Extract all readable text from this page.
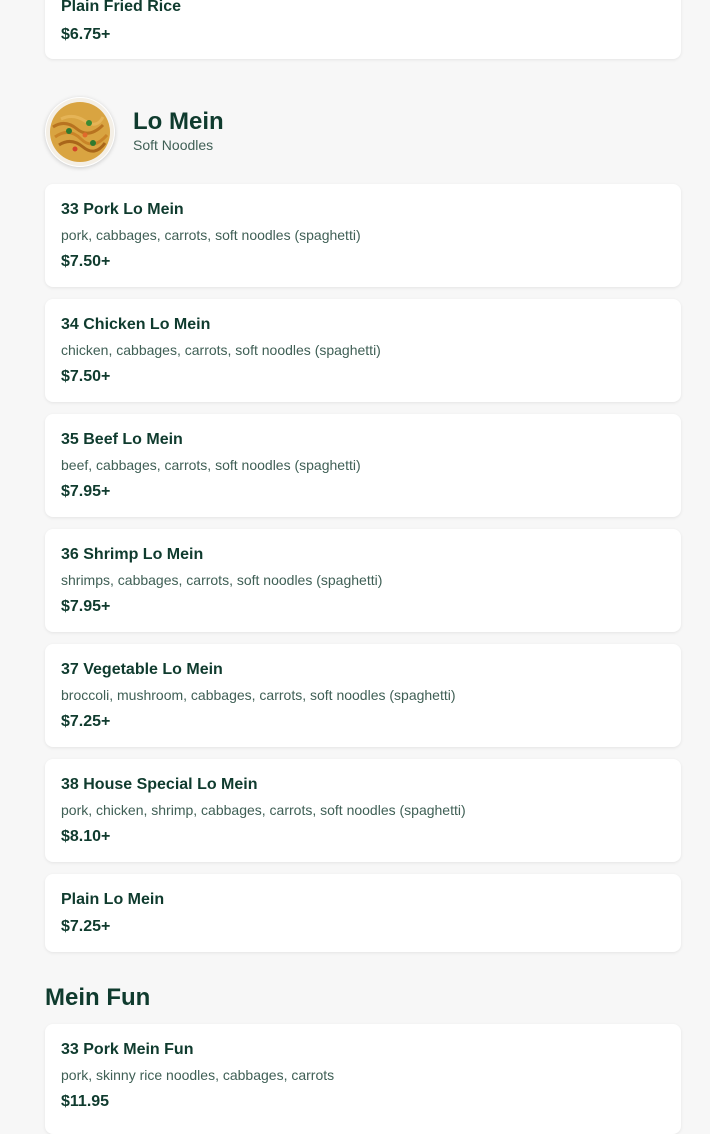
Plain Fried Rice
$6.75+
Lo Mein
Soft Noodles
33 Pork Lo Mein
pork, cabbages, carrots, soft noodles (spaghetti)
$7.50+
34 Chicken Lo Mein
chicken, cabbages, carrots, soft noodles (spaghetti)
$7.50+
35 Beef Lo Mein
beef, cabbages, carrots, soft noodles (spaghetti)
$7.95+
36 Shrimp Lo Mein
shrimps, cabbages, carrots, soft noodles (spaghetti)
$7.95+
37 Vegetable Lo Mein
broccoli, mushroom, cabbages, carrots, soft noodles (spaghetti)
$7.25+
38 House Special Lo Mein
pork, chicken, shrimp, cabbages, carrots, soft noodles (spaghetti)
$8.10+
Plain Lo Mein
$7.25+
Mein Fun
33 Pork Mein Fun
pork, skinny rice noodles, cabbages, carrots
$11.95
